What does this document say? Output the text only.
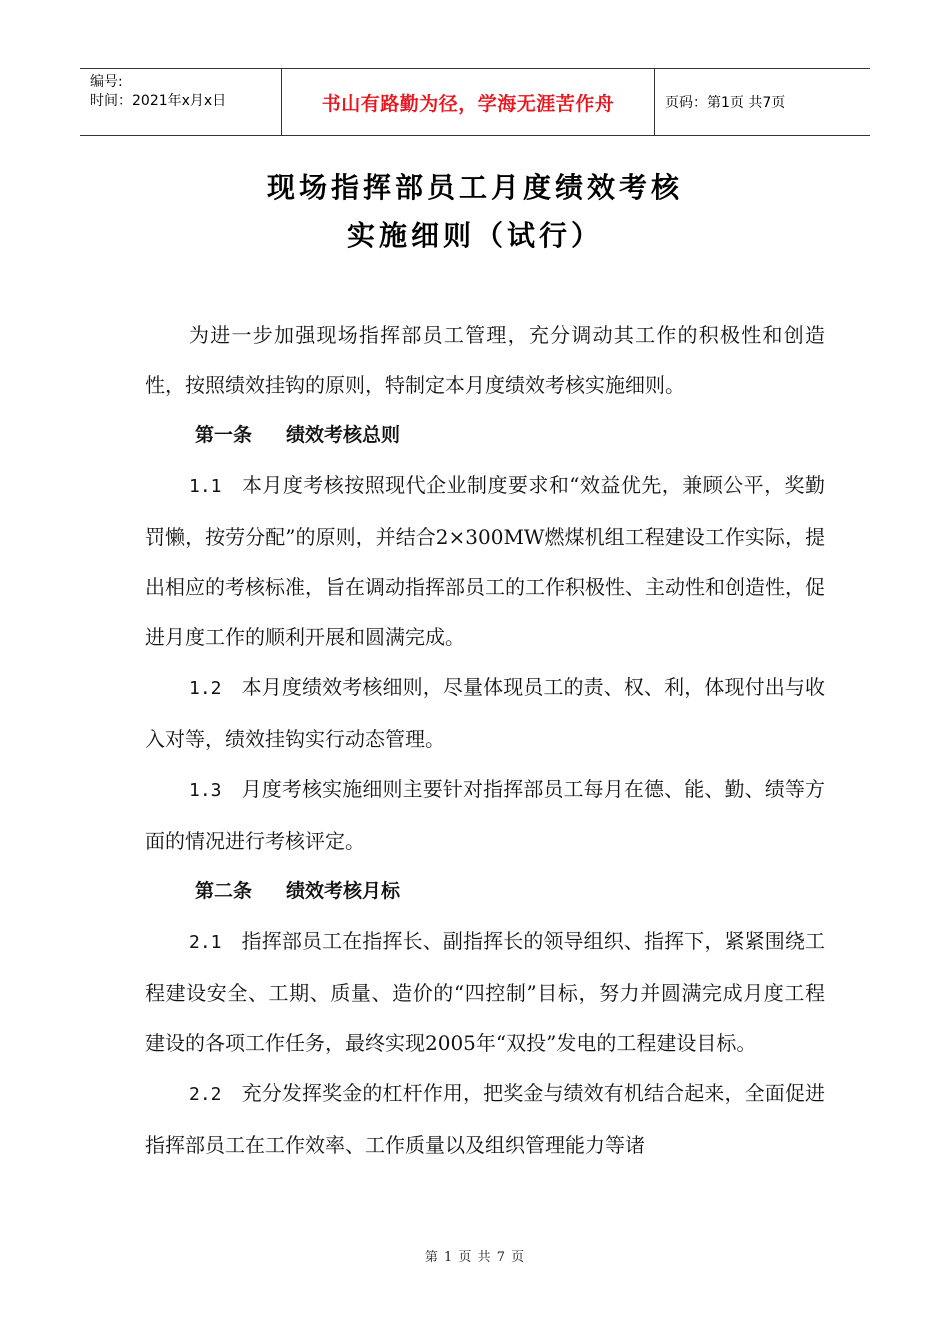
编号:
时间：2021年x月x日	书山有路勤为径，学海无涯苦作舟	页码：第1页 共7页
现场指挥部员工月度绩效考核
实施细则（试行）

为进一步加强现场指挥部员工管理，充分调动其工作的积极性和创造性，按照绩效挂钩的原则，特制定本月度绩效考核实施细则。

第一条 绩效考核总则

1.1 本月度考核按照现代企业制度要求和“效益优先，兼顾公平，奖勤罚懒，按劳分配”的原则，并结合2×300MW燃煤机组工程建设工作实际，提出相应的考核标准，旨在调动指挥部员工的工作积极性、主动性和创造性，促进月度工作的顺利开展和圆满完成。

1.2 本月度绩效考核细则，尽量体现员工的责、权、利，体现付出与收入对等，绩效挂钩实行动态管理。

1.3 月度考核实施细则主要针对指挥部员工每月在德、能、勤、绩等方面的情况进行考核评定。

第二条 绩效考核月标

2.1 指挥部员工在指挥长、副指挥长的领导组织、指挥下，紧紧围绕工程建设安全、工期、质量、造价的“四控制”目标，努力并圆满完成月度工程建设的各项工作任务，最终实现2005年“双投”发电的工程建设目标。

2.2 充分发挥奖金的杠杆作用，把奖金与绩效有机结合起来，全面促进指挥部员工在工作效率、工作质量以及组织管理能力等诸

第 1 页 共 7 页
